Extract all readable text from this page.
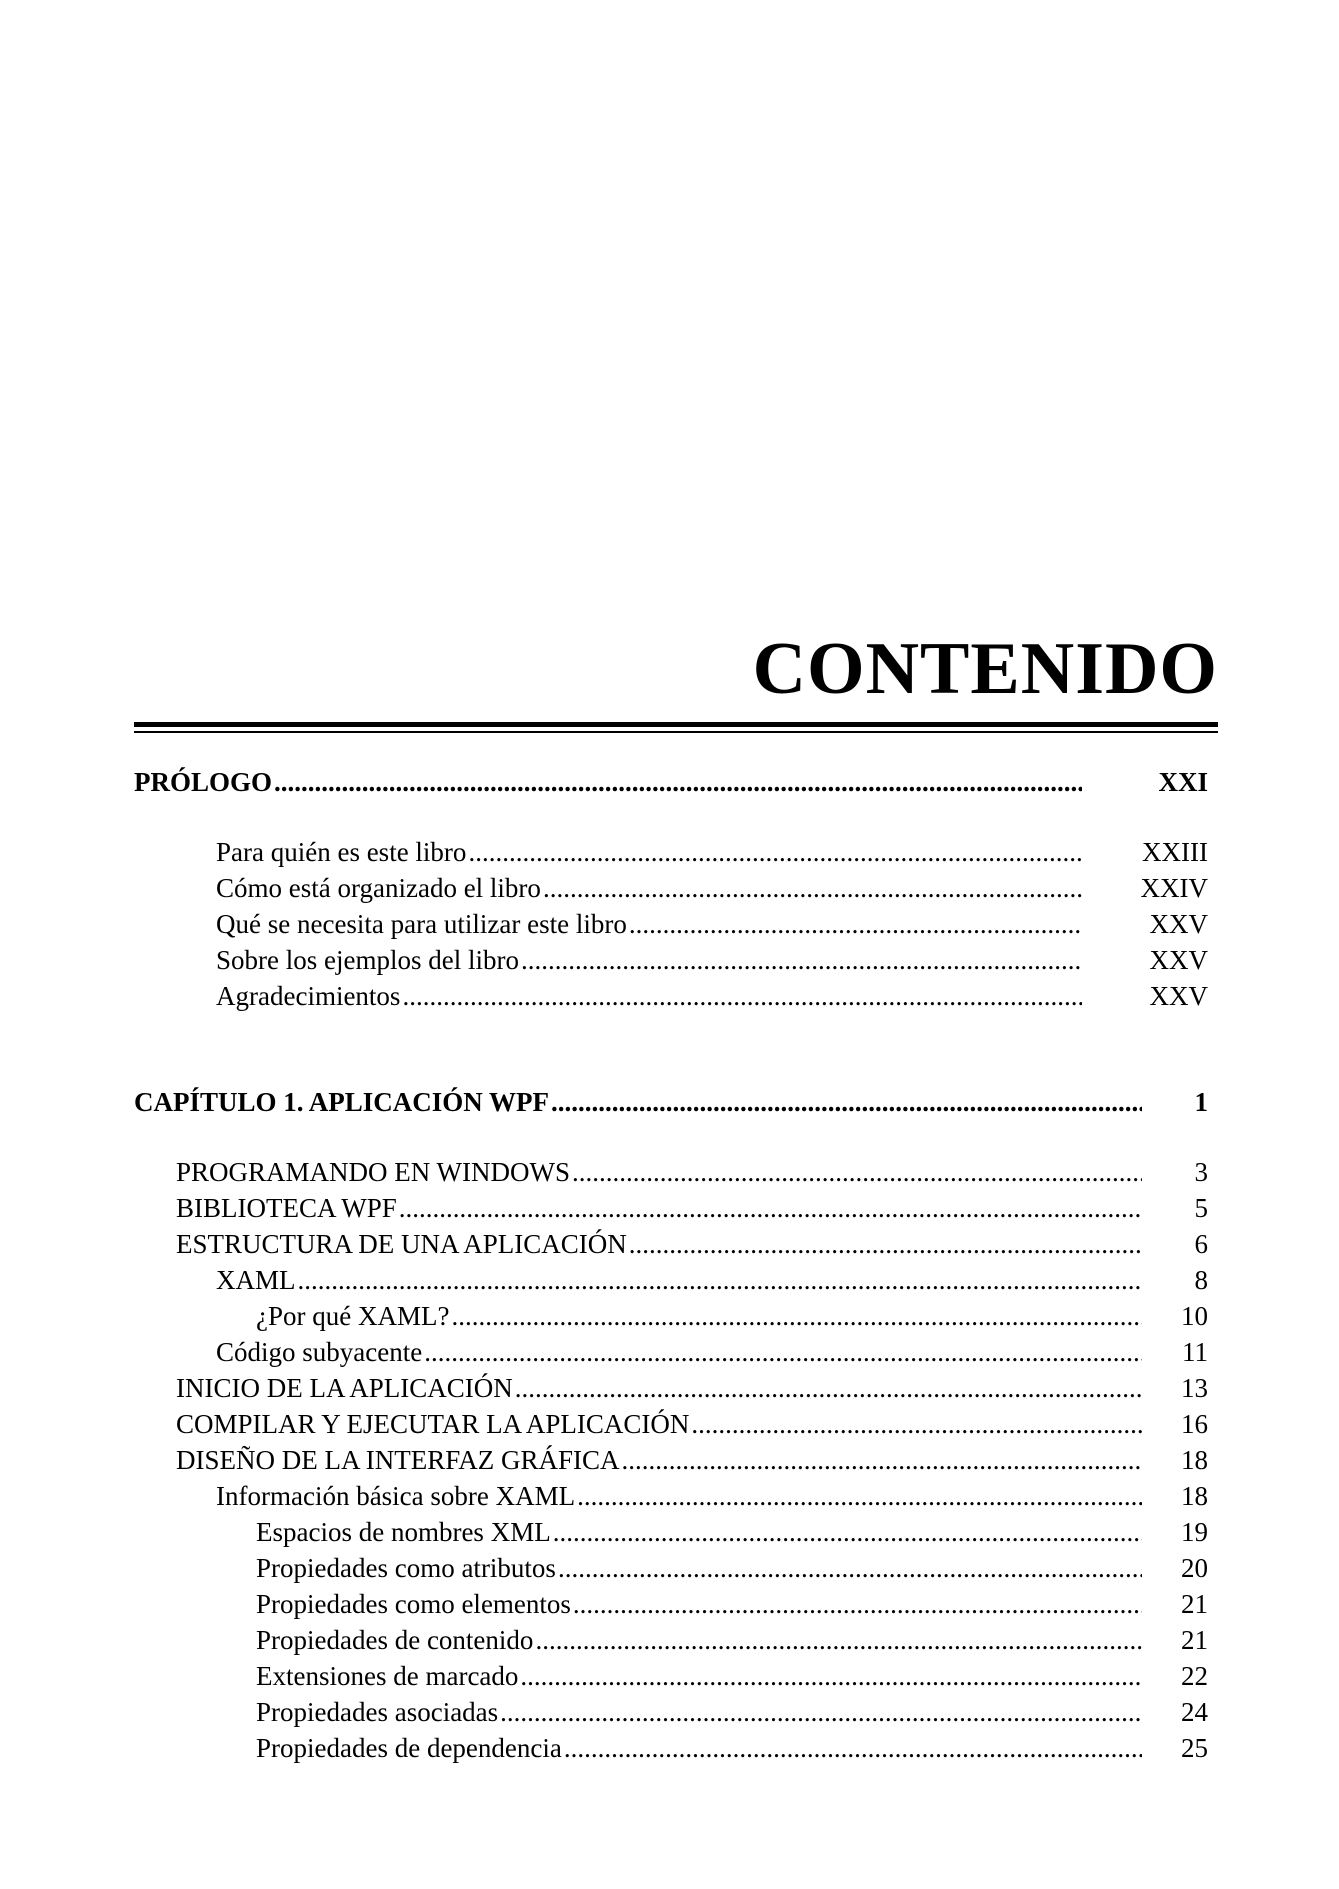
CONTENIDO
PRÓLOGO .....	XXI
Para quién es este libro .....	XXIII
Cómo está organizado el libro .....	XXIV
Qué se necesita para utilizar este libro .....	XXV
Sobre los ejemplos del libro .....	XXV
Agradecimientos .....	XXV
CAPÍTULO 1. APLICACIÓN WPF .....	1
PROGRAMANDO EN WINDOWS .....	3
BIBLIOTECA WPF .....	5
ESTRUCTURA DE UNA APLICACIÓN .....	6
XAML .....	8
¿Por qué XAML? .....	10
Código subyacente .....	11
INICIO DE LA APLICACIÓN .....	13
COMPILAR Y EJECUTAR LA APLICACIÓN .....	16
DISEÑO DE LA INTERFAZ GRÁFICA .....	18
Información básica sobre XAML .....	18
Espacios de nombres XML .....	19
Propiedades como atributos .....	20
Propiedades como elementos .....	21
Propiedades de contenido .....	21
Extensiones de marcado .....	22
Propiedades asociadas .....	24
Propiedades de dependencia .....	25
